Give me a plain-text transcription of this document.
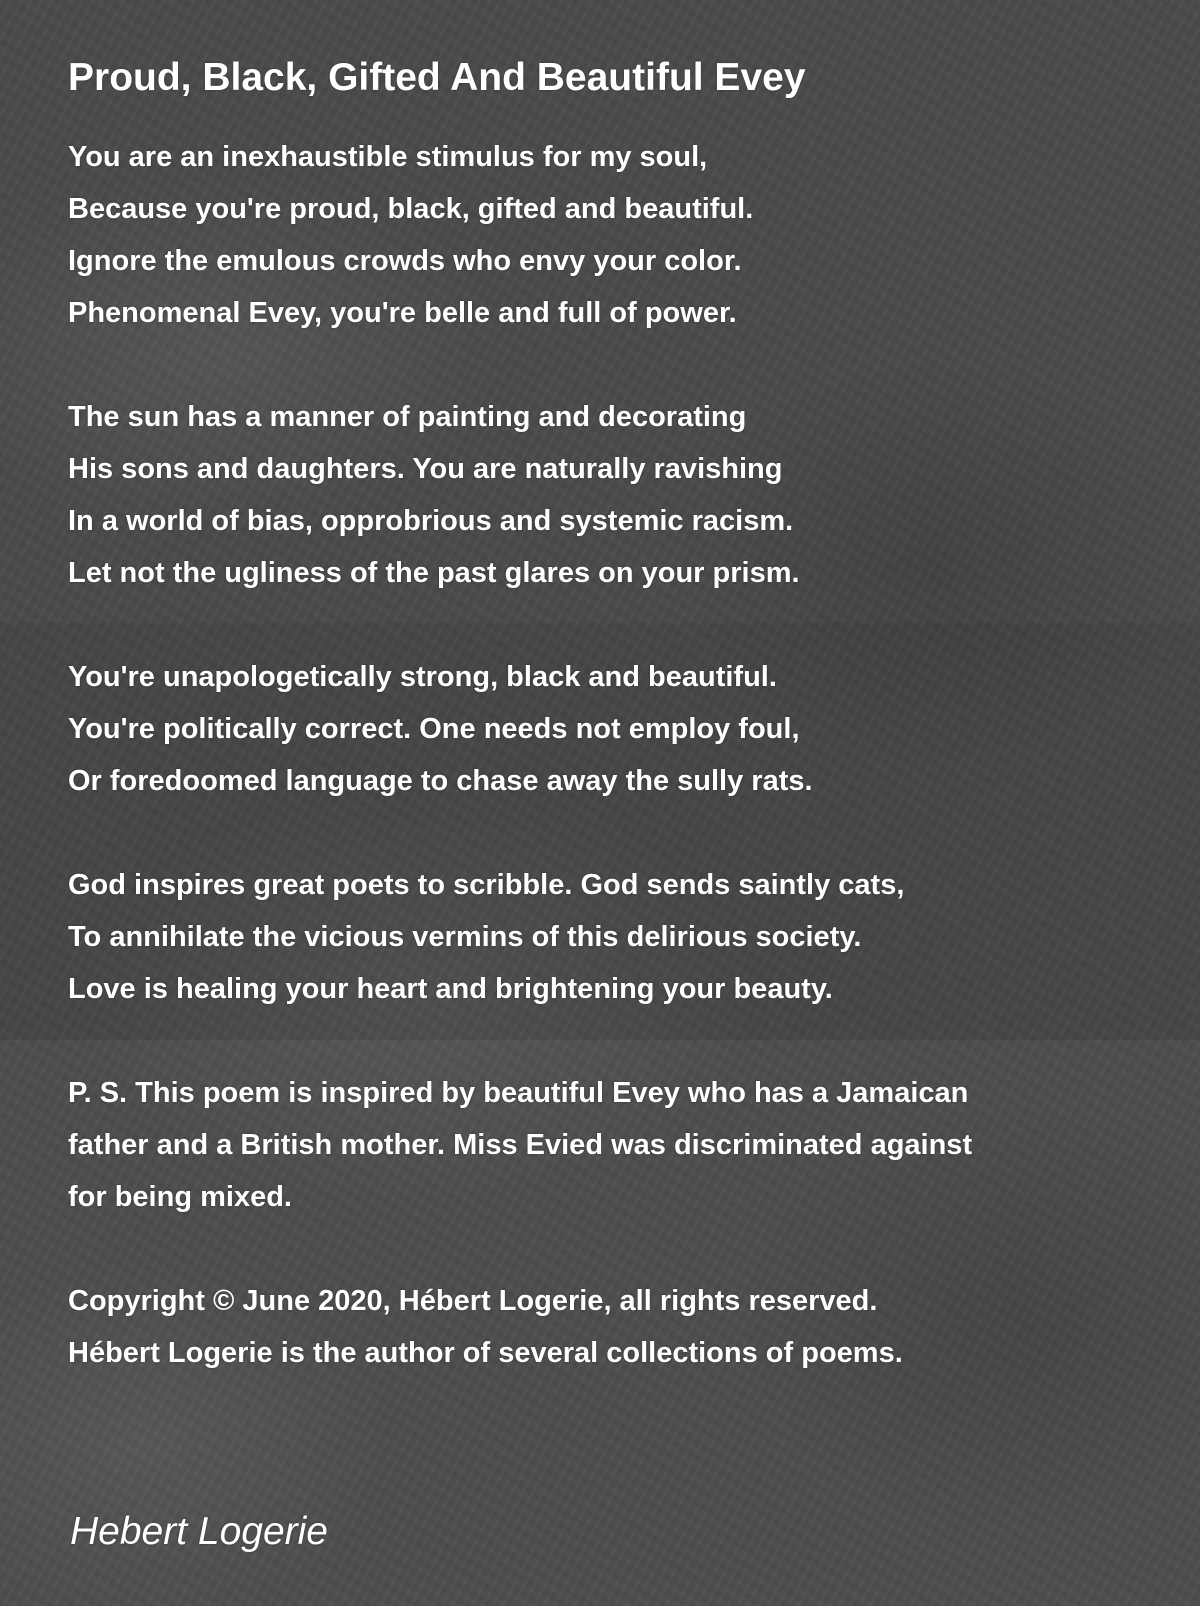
Proud, Black, Gifted And Beautiful Evey
You are an inexhaustible stimulus for my soul,
Because you're proud, black, gifted and beautiful.
Ignore the emulous crowds who envy your color.
Phenomenal Evey, you're belle and full of power.
The sun has a manner of painting and decorating
His sons and daughters. You are naturally ravishing
In a world of bias, opprobrious and systemic racism.
Let not the ugliness of the past glares on your prism.
You're unapologetically strong, black and beautiful.
You're politically correct. One needs not employ foul,
Or foredoomed language to chase away the sully rats.
God inspires great poets to scribble. God sends saintly cats,
To annihilate the vicious vermins of this delirious society.
Love is healing your heart and brightening your beauty.
P. S. This poem is inspired by beautiful Evey who has a Jamaican
father and a British mother. Miss Evied was discriminated against
for being mixed.
Copyright © June 2020, Hébert Logerie, all rights reserved.
Hébert Logerie is the author of several collections of poems.
Hebert Logerie
